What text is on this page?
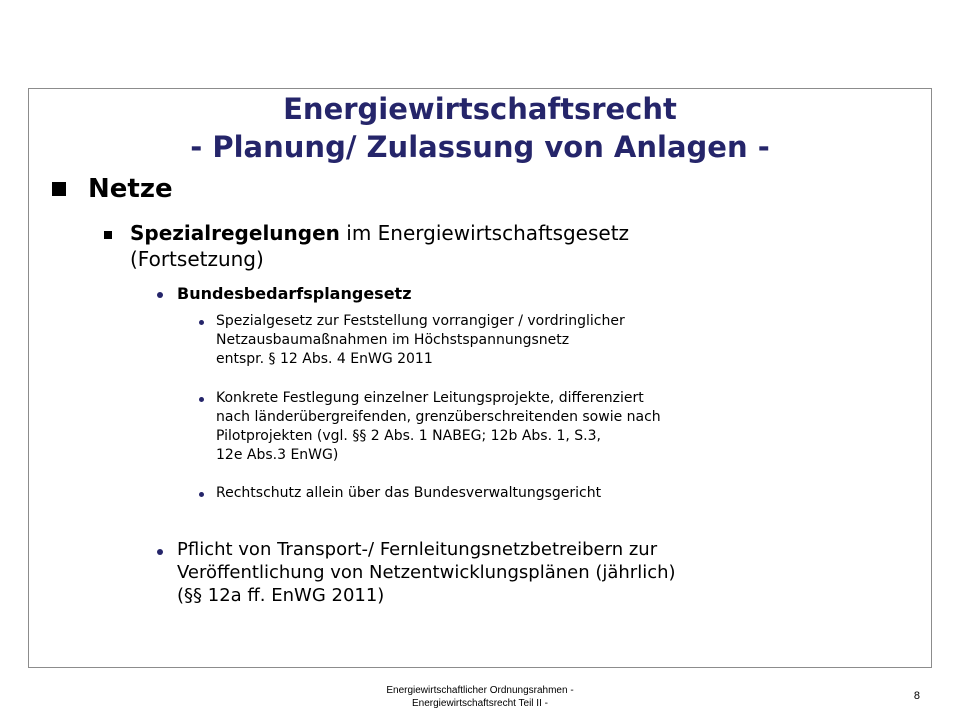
Energiewirtschaftsrecht
- Planung/ Zulassung von Anlagen -
Netze
Spezialregelungen im Energiewirtschaftsgesetz
(Fortsetzung)
Bundesbedarfsplangesetz
Spezialgesetz zur Feststellung vorrangiger / vordringlicher
Netzausbaumaßnahmen im Höchstspannungsnetz
entspr. § 12 Abs. 4 EnWG 2011
Konkrete Festlegung einzelner Leitungsprojekte, differenziert
nach länderübergreifenden, grenzüberschreitenden sowie nach
Pilotprojekten (vgl. §§ 2 Abs. 1 NABEG; 12b Abs. 1, S.3,
12e Abs.3 EnWG)
Rechtschutz allein über das Bundesverwaltungsgericht
Pflicht von Transport-/ Fernleitungsnetzbetreibern zur
Veröffentlichung von Netzentwicklungsplänen (jährlich)
(§§ 12a ff. EnWG 2011)
Energiewirtschaftlicher Ordnungsrahmen -
Energiewirtschaftsrecht Teil II -
8
